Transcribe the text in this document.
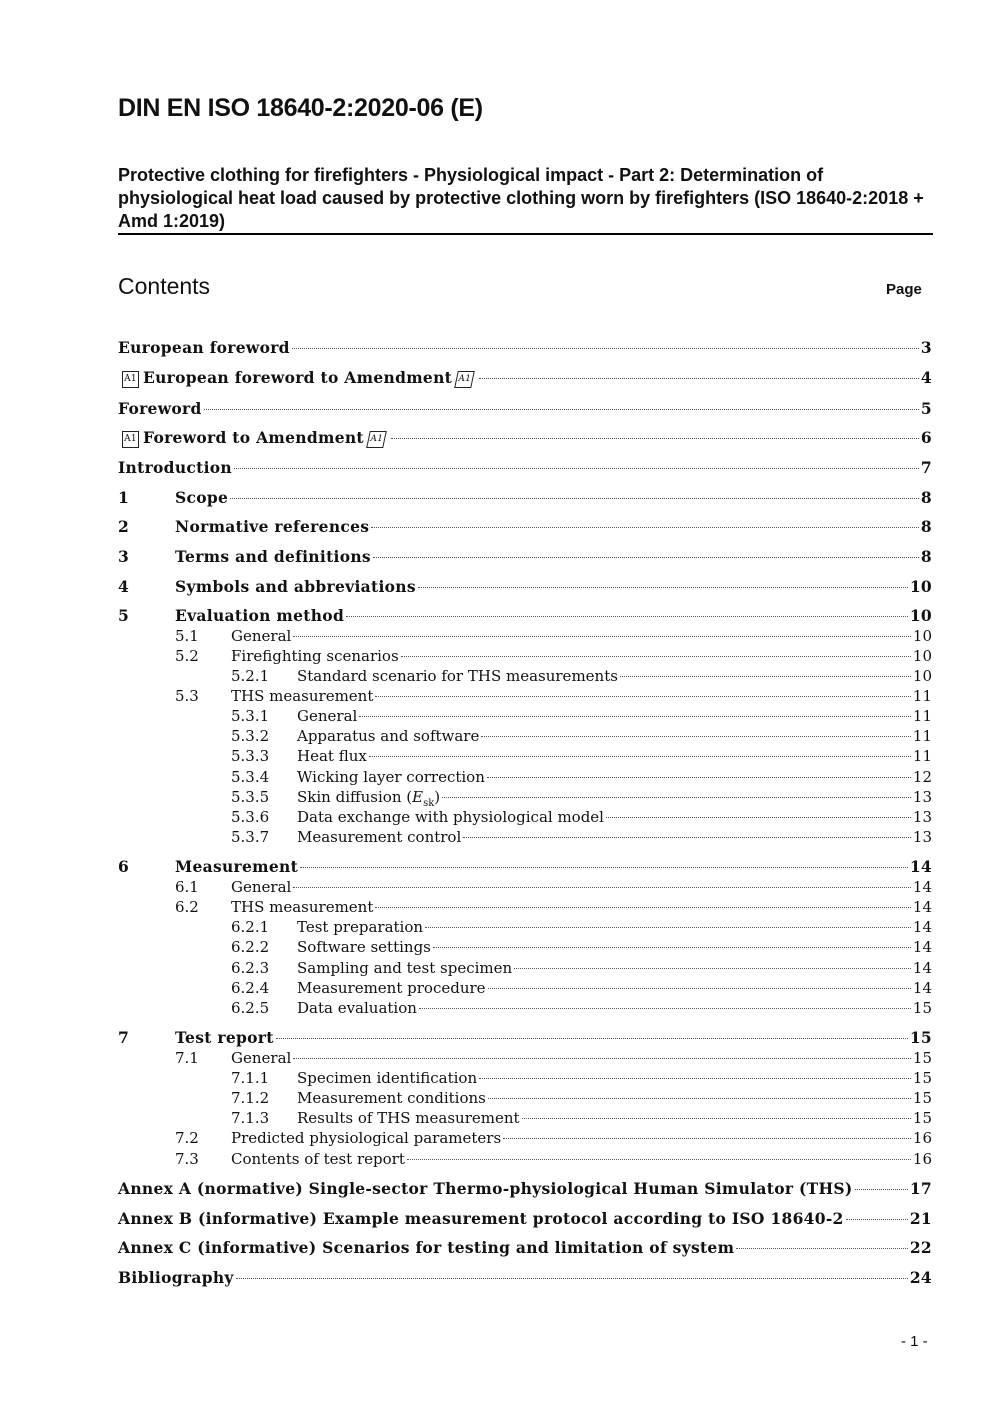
DIN EN ISO 18640-2:2020-06 (E)
Protective clothing for firefighters - Physiological impact - Part 2: Determination of physiological heat load caused by protective clothing worn by firefighters (ISO 18640-2:2018 + Amd 1:2019)
Contents	Page
European foreword	3
A1 European foreword to Amendment A1	4
Foreword	5
A1 Foreword to Amendment A1	6
Introduction	7
1	Scope	8
2	Normative references	8
3	Terms and definitions	8
4	Symbols and abbreviations	10
5	Evaluation method	10
5.1	General	10
5.2	Firefighting scenarios	10
5.2.1	Standard scenario for THS measurements	10
5.3	THS measurement	11
5.3.1	General	11
5.3.2	Apparatus and software	11
5.3.3	Heat flux	11
5.3.4	Wicking layer correction	12
5.3.5	Skin diffusion $(E_{sk})$	13
5.3.6	Data exchange with physiological model	13
5.3.7	Measurement control	13
6	Measurement	14
6.1	General	14
6.2	THS measurement	14
6.2.1	Test preparation	14
6.2.2	Software settings	14
6.2.3	Sampling and test specimen	14
6.2.4	Measurement procedure	14
6.2.5	Data evaluation	15
7	Test report	15
7.1	General	15
7.1.1	Specimen identification	15
7.1.2	Measurement conditions	15
7.1.3	Results of THS measurement	15
7.2	Predicted physiological parameters	16
7.3	Contents of test report	16
Annex A (normative) Single-sector Thermo-physiological Human Simulator (THS)	17
Annex B (informative) Example measurement protocol according to ISO 18640-2	21
Annex C (informative) Scenarios for testing and limitation of system	22
Bibliography	24
- 1 -
